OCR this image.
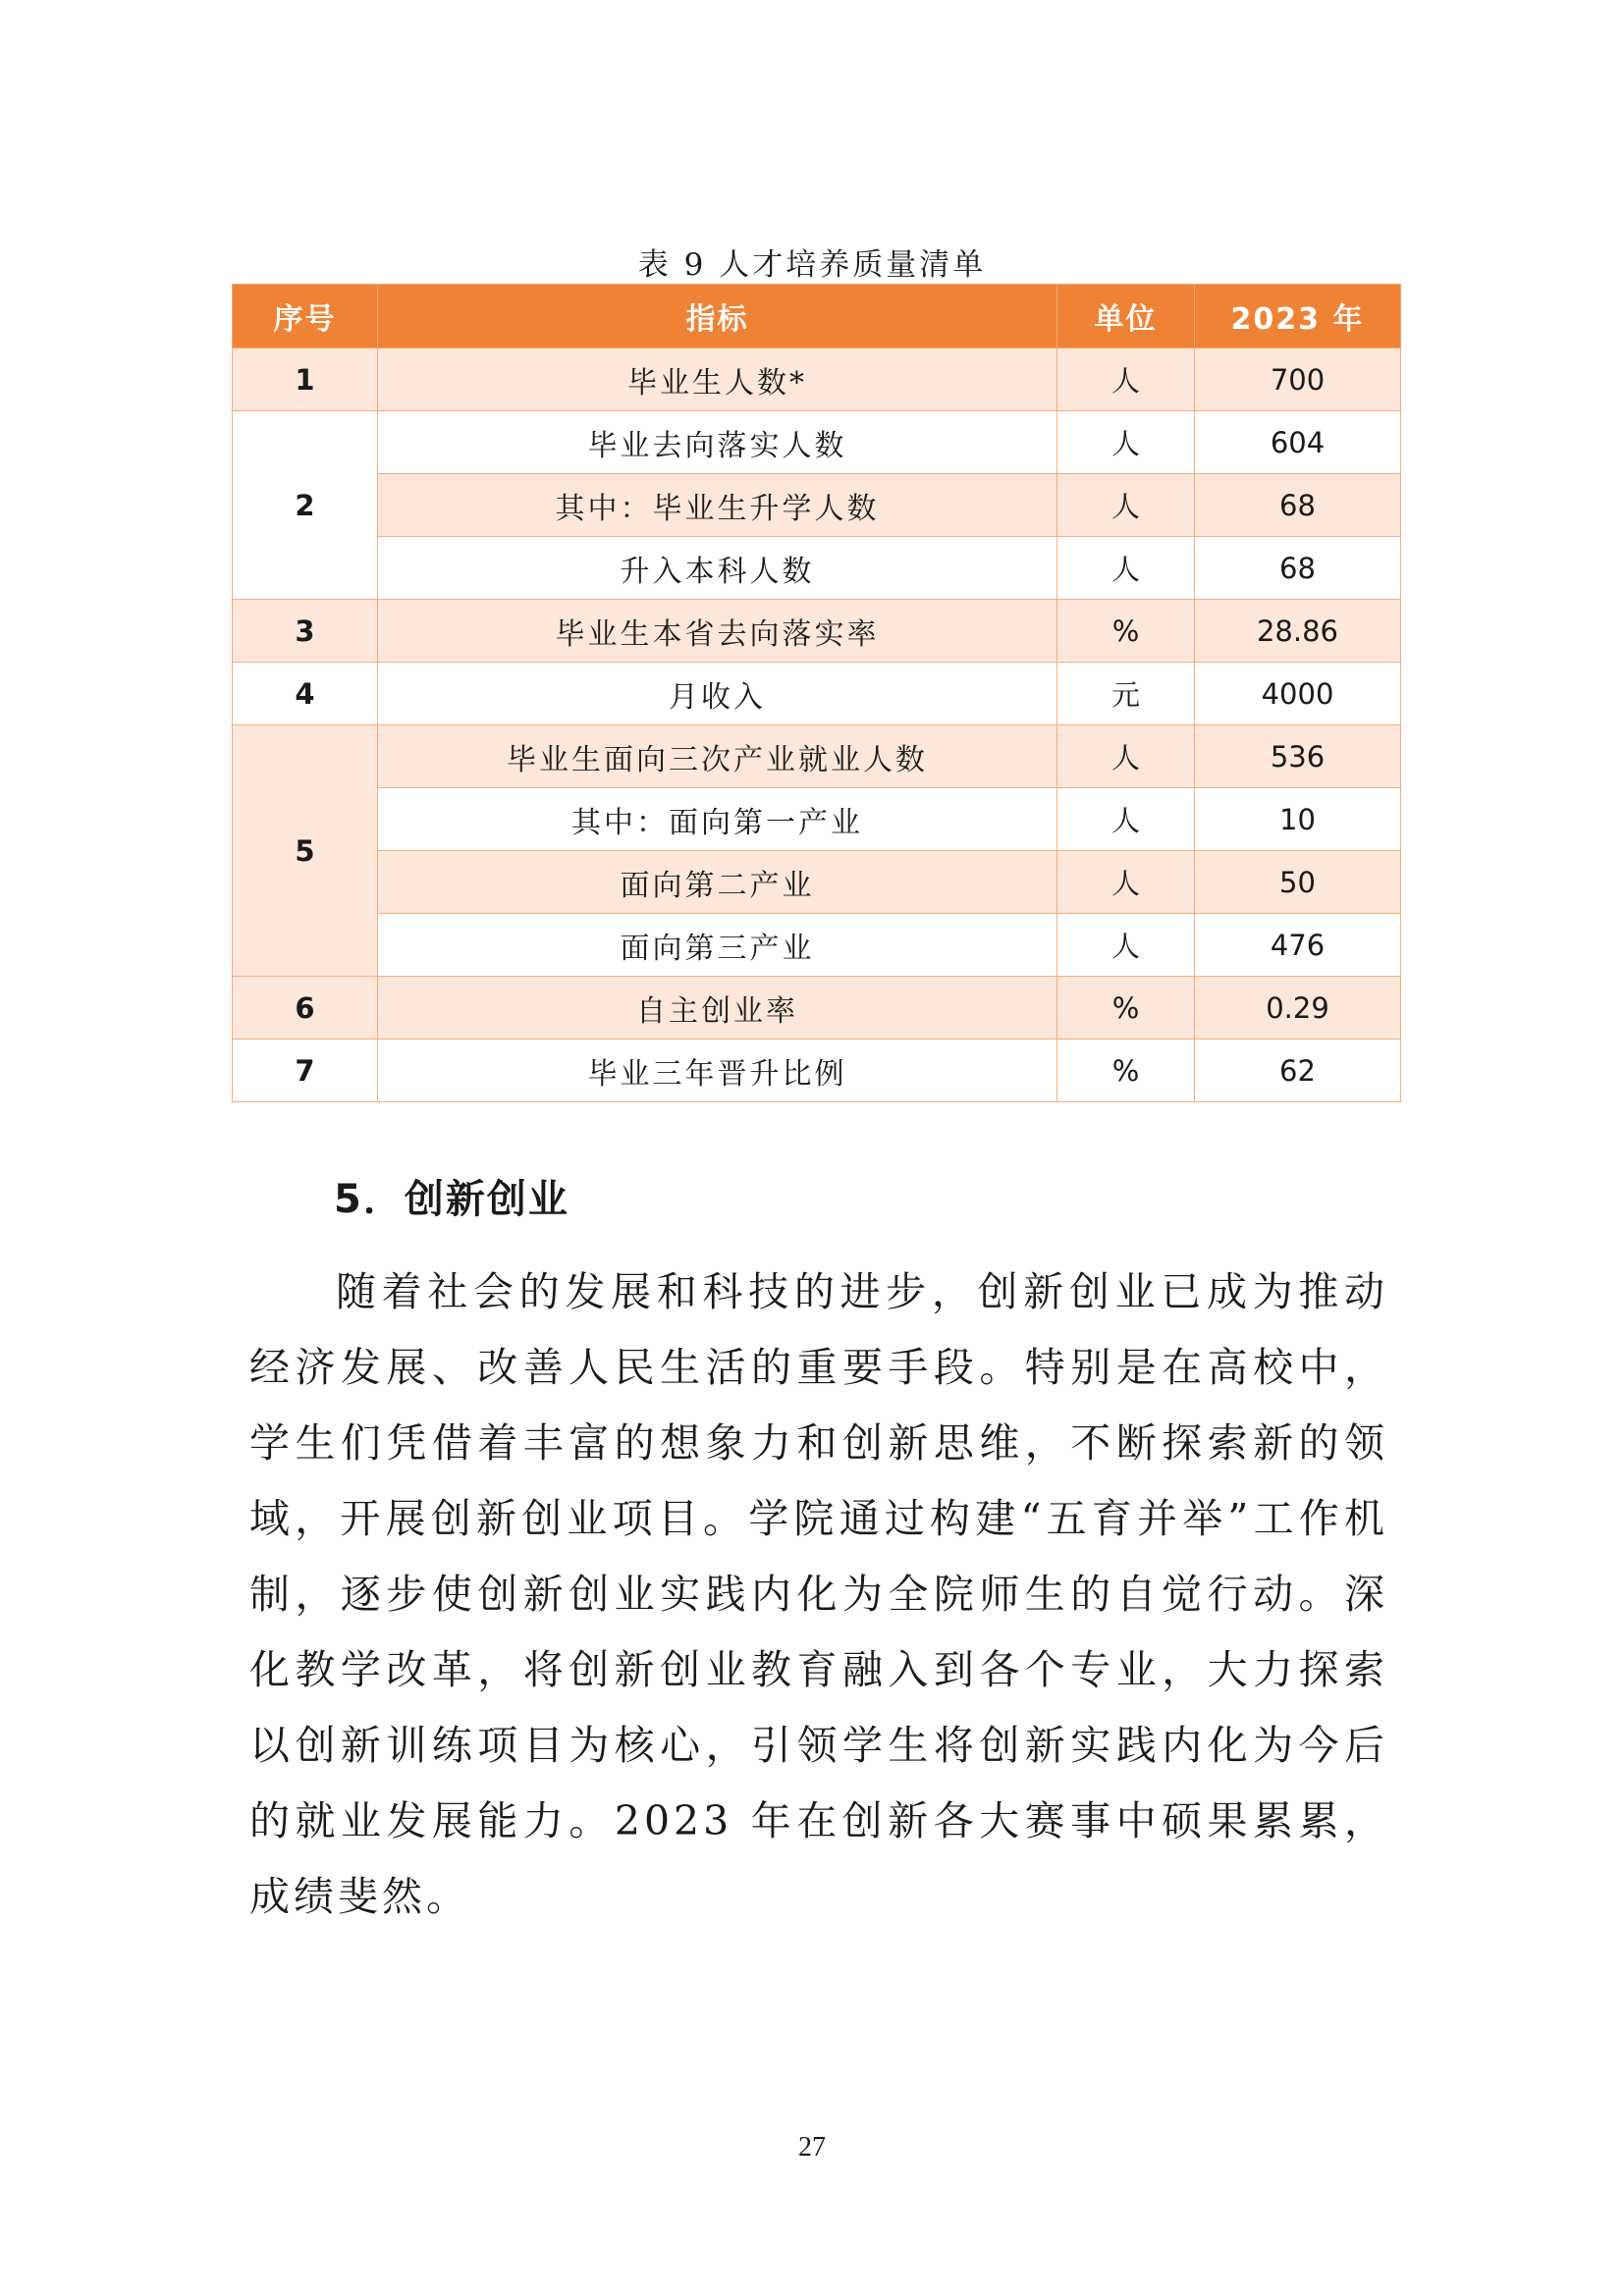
表 9 人才培养质量清单
序号	指标	单位	2023 年
1	毕业生人数*	人	700
2	毕业去向落实人数	人	604
	其中：毕业生升学人数	人	68
	升入本科人数	人	68
3	毕业生本省去向落实率	%	28.86
4	月收入	元	4000
5	毕业生面向三次产业就业人数	人	536
	其中：面向第一产业	人	10
	面向第二产业	人	50
	面向第三产业	人	476
6	自主创业率	%	0.29
7	毕业三年晋升比例	%	62
5．创新创业

随着社会的发展和科技的进步，创新创业已成为推动经济发展、改善人民生活的重要手段。特别是在高校中，学生们凭借着丰富的想象力和创新思维，不断探索新的领域，开展创新创业项目。学院通过构建“五育并举”工作机制，逐步使创新创业实践内化为全院师生的自觉行动。深化教学改革，将创新创业教育融入到各个专业，大力探索以创新训练项目为核心，引领学生将创新实践内化为今后的就业发展能力。2023 年在创新各大赛事中硕果累累，成绩斐然。

27
